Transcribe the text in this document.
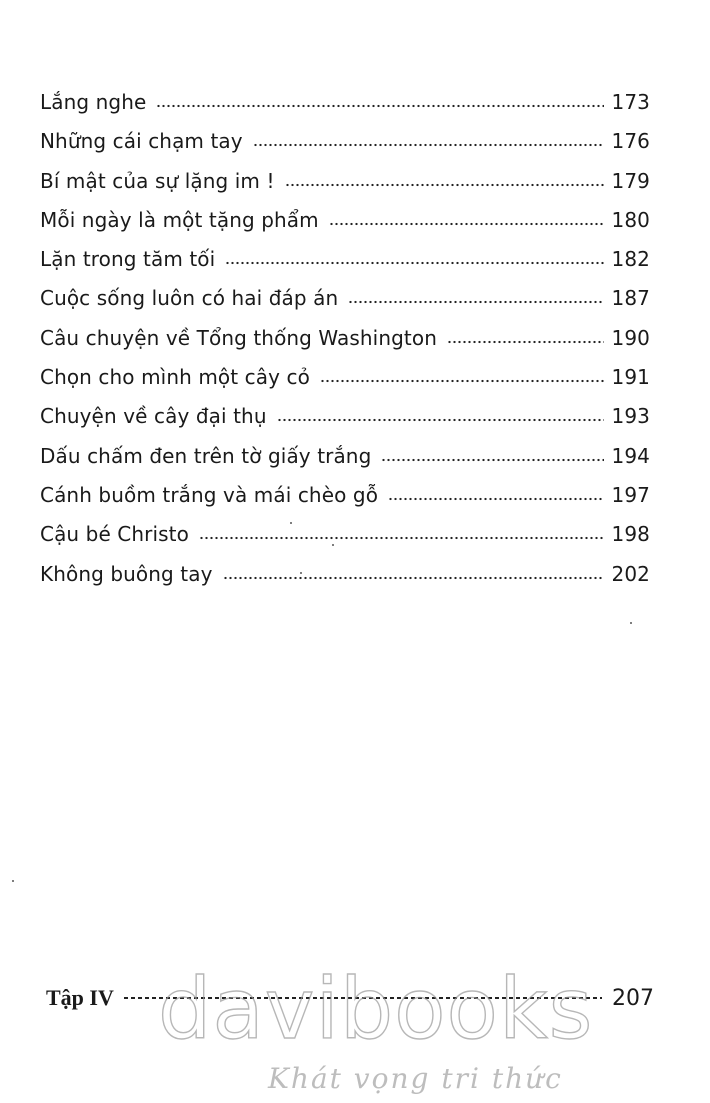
Lắng nghe	173
Những cái chạm tay	176
Bí mật của sự lặng im !	179
Mỗi ngày là một tặng phẩm	180
Lặn trong tăm tối	182
Cuộc sống luôn có hai đáp án	187
Câu chuyện về Tổng thống Washington	190
Chọn cho mình một cây cỏ	191
Chuyện về cây đại thụ	193
Dấu chấm đen trên tờ giấy trắng	194
Cánh buồm trắng và mái chèo gỗ	197
Cậu bé Christo	198
Không buông tay	202
Tập IV	207
davibooks
Khát vọng tri thức
